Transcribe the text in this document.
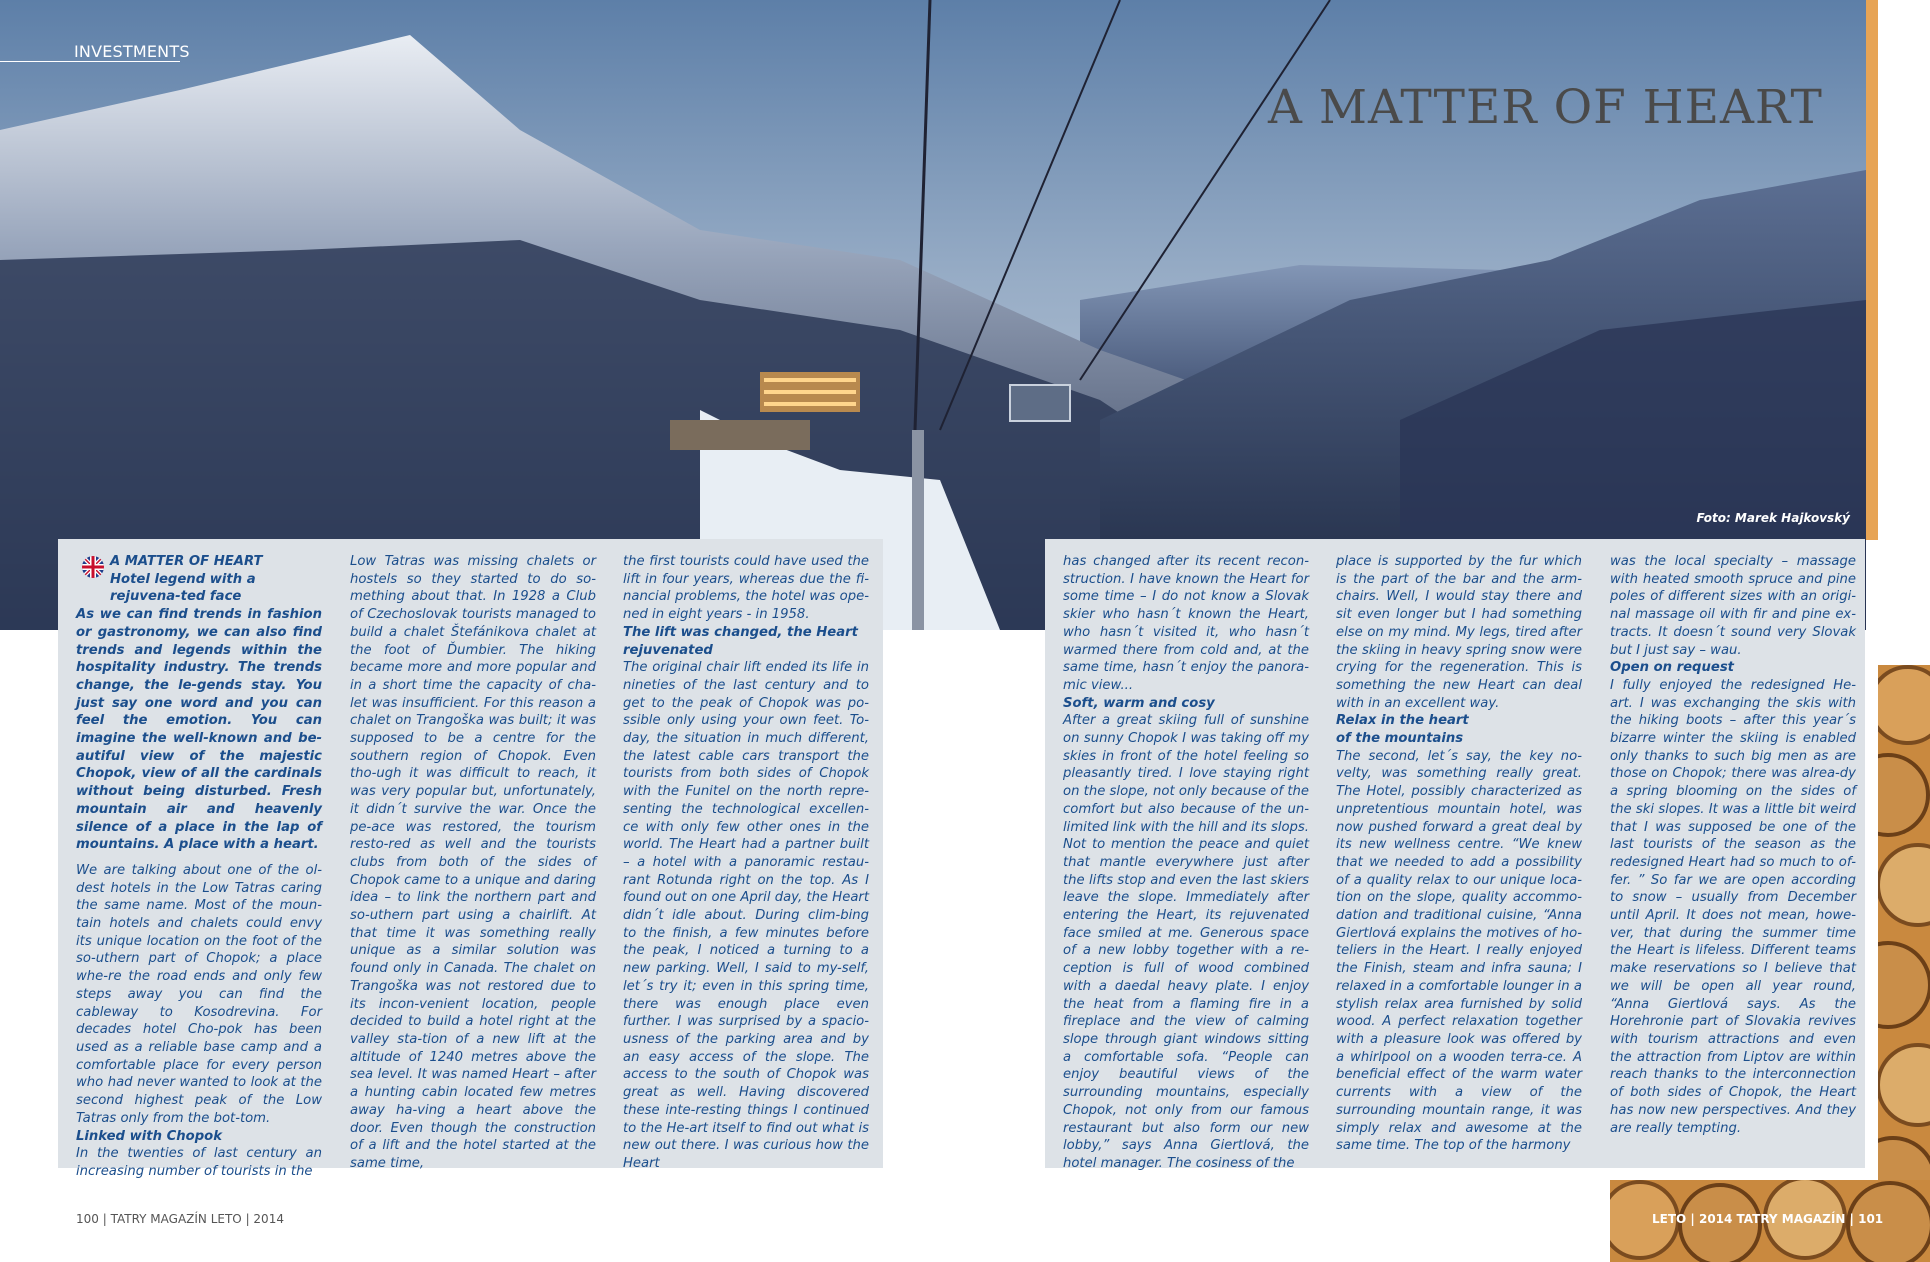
INVESTMENTS
A MATTER OF HEART
Foto: Marek Hajkovský

A MATTER OF HEART

Hotel legend with a rejuvena-ted face

As we can find trends in fashion or gastronomy, we can also find trends and legends within the hospitality industry. The trends change, the le-gends stay. You just say one word and you can feel the emotion. You can imagine the well-known and be-autiful view of the majestic Chopok, view of all the cardinals without being disturbed. Fresh mountain air and heavenly silence of a place in the lap of mountains. A place with a heart.

We are talking about one of the ol-dest hotels in the Low Tatras caring the same name. Most of the moun-tain hotels and chalets could envy its unique location on the foot of the so-uthern part of Chopok; a place whe-re the road ends and only few steps away you can find the cableway to Kosodrevina. For decades hotel Cho-pok has been used as a reliable base camp and a comfortable place for every person who had never wanted to look at the second highest peak of the Low Tatras only from the bot-tom.

Linked with Chopok

In the twenties of last century an increasing number of tourists in the

Low Tatras was missing chalets or hostels so they started to do so-mething about that. In 1928 a Club of Czechoslovak tourists managed to build a chalet Štefánikova chalet at the foot of Ďumbier. The hiking became more and more popular and in a short time the capacity of cha-let was insufficient. For this reason a chalet on Trangoška was built; it was supposed to be a centre for the southern region of Chopok. Even tho-ugh it was difficult to reach, it was very popular but, unfortunately, it didn´t survive the war. Once the pe-ace was restored, the tourism resto-red as well and the tourists clubs from both of the sides of Chopok came to a unique and daring idea – to link the northern part and so-uthern part using a chairlift. At that time it was something really unique as a similar solution was found only in Canada. The chalet on Trangoška was not restored due to its incon-venient location, people decided to build a hotel right at the valley sta-tion of a new lift at the altitude of 1240 metres above the sea level. It was named Heart – after a hunting cabin located few metres away ha-ving a heart above the door. Even though the construction of a lift and the hotel started at the same time,

the first tourists could have used the lift in four years, whereas due the fi-nancial problems, the hotel was ope-ned in eight years - in 1958.

The lift was changed, the Heart rejuvenated

The original chair lift ended its life in nineties of the last century and to get to the peak of Chopok was po-ssible only using your own feet. To-day, the situation in much different, the latest cable cars transport the tourists from both sides of Chopok with the Funitel on the north repre-senting the technological excellen-ce with only few other ones in the world. The Heart had a partner built – a hotel with a panoramic restau-rant Rotunda right on the top. As I found out on one April day, the Heart didn´t idle about. During clim-bing to the finish, a few minutes before the peak, I noticed a turning to a new parking. Well, I said to my-self, let´s try it; even in this spring time, there was enough place even further. I was surprised by a spacio-usness of the parking area and by an easy access of the slope. The access to the south of Chopok was great as well. Having discovered these inte-resting things I continued to the He-art itself to find out what is new out there. I was curious how the Heart

has changed after its recent recon-struction. I have known the Heart for some time – I do not know a Slovak skier who hasn´t known the Heart, who hasn´t visited it, who hasn´t warmed there from cold and, at the same time, hasn´t enjoy the panora-mic view...

Soft, warm and cosy

After a great skiing full of sunshine on sunny Chopok I was taking off my skies in front of the hotel feeling so pleasantly tired. I love staying right on the slope, not only because of the comfort but also because of the un-limited link with the hill and its slops. Not to mention the peace and quiet that mantle everywhere just after the lifts stop and even the last skiers leave the slope. Immediately after entering the Heart, its rejuvenated face smiled at me. Generous space of a new lobby together with a re-ception is full of wood combined with a daedal heavy plate. I enjoy the heat from a flaming fire in a fireplace and the view of calming slope through giant windows sitting a comfortable sofa. “People can enjoy beautiful views of the surrounding mountains, especially Chopok, not only from our famous restaurant but also form our new lobby,” says Anna Giertlová, the hotel manager. The cosiness of the

place is supported by the fur which is the part of the bar and the arm-chairs. Well, I would stay there and sit even longer but I had something else on my mind. My legs, tired after the skiing in heavy spring snow were crying for the regeneration. This is something the new Heart can deal with in an excellent way.

Relax in the heart

of the mountains

The second, let´s say, the key no-velty, was something really great. The Hotel, possibly characterized as unpretentious mountain hotel, was now pushed forward a great deal by its new wellness centre. “We knew that we needed to add a possibility of a quality relax to our unique loca-tion on the slope, quality accommo-dation and traditional cuisine, “Anna Giertlová explains the motives of ho-teliers in the Heart. I really enjoyed the Finish, steam and infra sauna; I relaxed in a comfortable lounger in a stylish relax area furnished by solid wood. A perfect relaxation together with a pleasure look was offered by a whirlpool on a wooden terra-ce. A beneficial effect of the warm water currents with a view of the surrounding mountain range, it was simply relax and awesome at the same time. The top of the harmony

was the local specialty – massage with heated smooth spruce and pine poles of different sizes with an origi-nal massage oil with fir and pine ex-tracts. It doesn´t sound very Slovak but I just say – wau.

Open on request

I fully enjoyed the redesigned He-art. I was exchanging the skis with the hiking boots – after this year´s bizarre winter the skiing is enabled only thanks to such big men as are those on Chopok; there was alrea-dy a spring blooming on the sides of the ski slopes. It was a little bit weird that I was supposed be one of the last tourists of the season as the redesigned Heart had so much to of-fer. ” So far we are open according to snow – usually from December until April. It does not mean, howe-ver, that during the summer time the Heart is lifeless. Different teams make reservations so I believe that we will be open all year round, “Anna Giertlová says. As the Horehronie part of Slovakia revives with tourism attractions and even the attraction from Liptov are within reach thanks to the interconnection of both sides of Chopok, the Heart has now new perspectives. And they are really tempting.

100 | TATRY MAGAZÍN LETO | 2014	LETO | 2014 TATRY MAGAZÍN | 101
